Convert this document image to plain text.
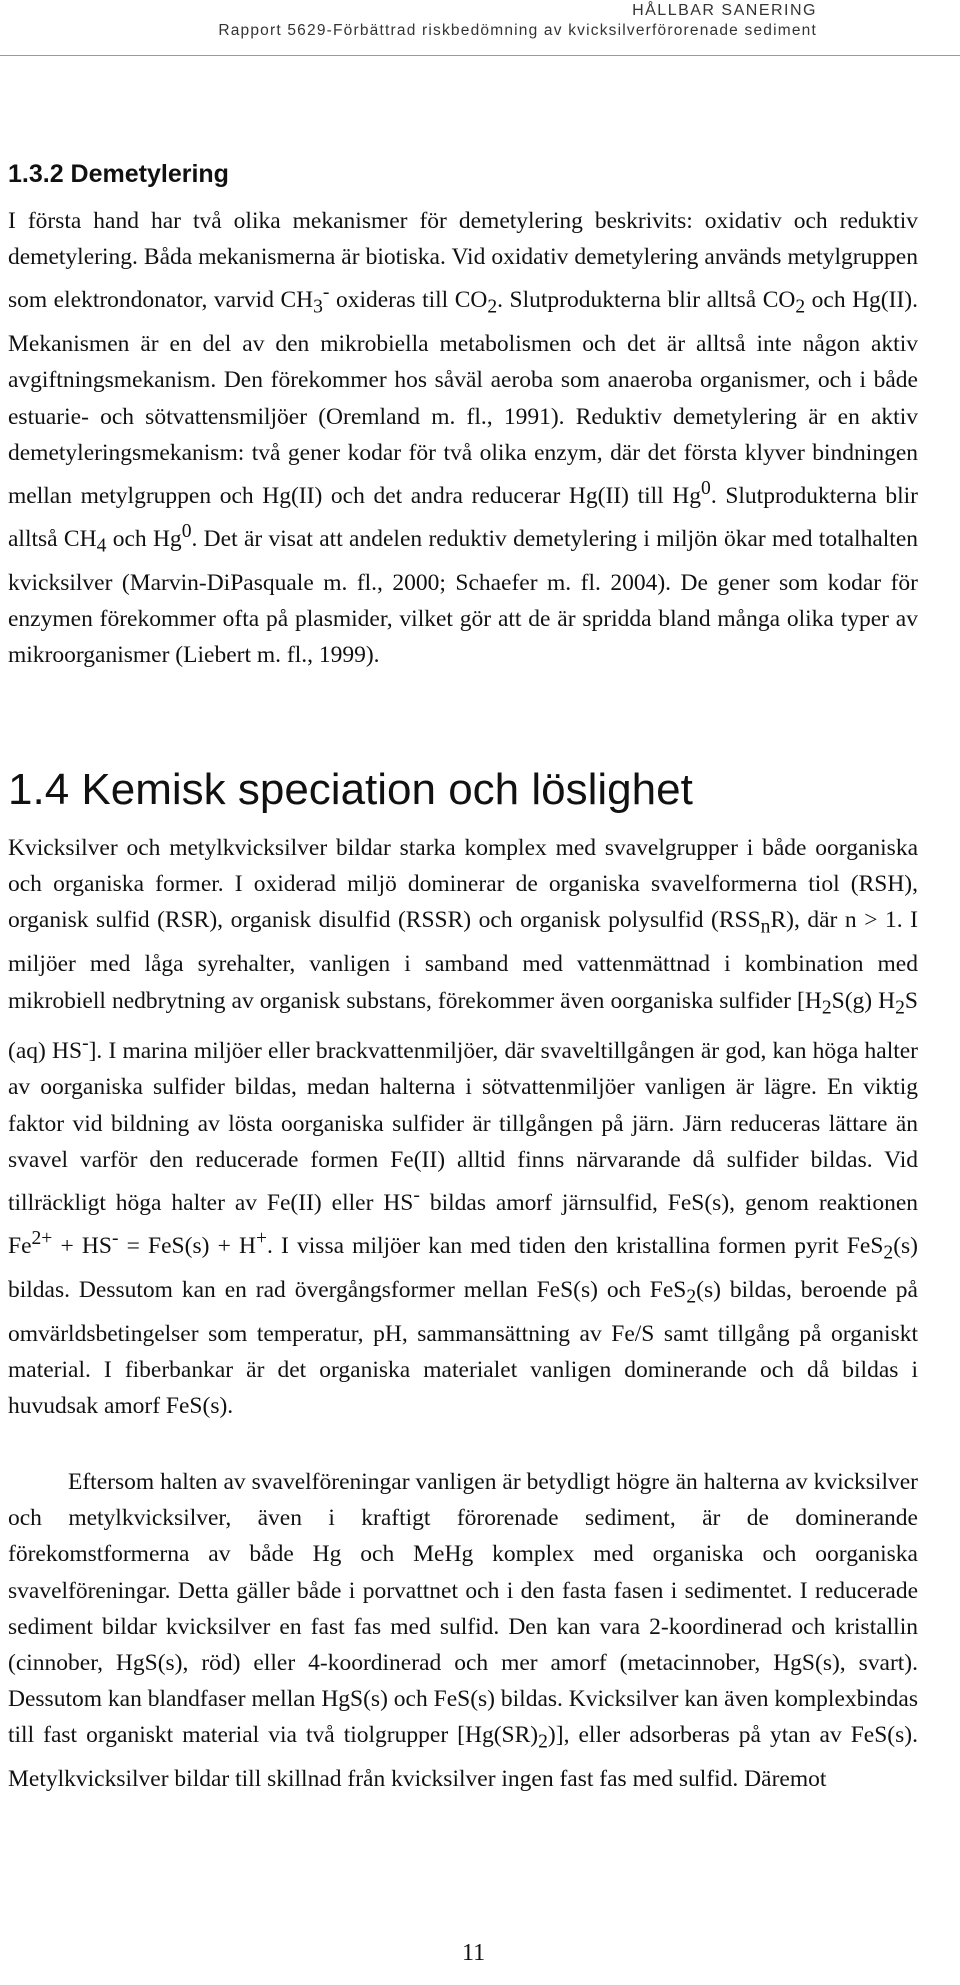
HÅLLBAR SANERING
Rapport 5629-Förbättrad riskbedömning av kvicksilverförorenade sediment
1.3.2 Demetylering

I första hand har två olika mekanismer för demetylering beskrivits: oxidativ och reduktiv demetylering. Båda mekanismerna är biotiska. Vid oxidativ demetylering används metylgruppen som elektrondonator, varvid $CH_3^-$ oxideras till $CO_2$. Slutprodukterna blir alltså $CO_2$ och Hg(II). Mekanismen är en del av den mikrobiella metabolismen och det är alltså inte någon aktiv avgiftningsmekanism. Den förekommer hos såväl aeroba som anaeroba organismer, och i både estuarie- och sötvattensmiljöer (Oremland m. fl., 1991). Reduktiv demetylering är en aktiv demetyleringsmekanism: två gener kodar för två olika enzym, där det första klyver bindningen mellan metylgruppen och Hg(II) och det andra reducerar Hg(II) till Hg$^0$. Slutprodukterna blir alltså $CH_4$ och Hg$^0$. Det är visat att andelen reduktiv demetylering i miljön ökar med totalhalten kvicksilver (Marvin-DiPasquale m. fl., 2000; Schaefer m. fl. 2004). De gener som kodar för enzymen förekommer ofta på plasmider, vilket gör att de är spridda bland många olika typer av mikroorganismer (Liebert m. fl., 1999).

1.4 Kemisk speciation och löslighet

Kvicksilver och metylkvicksilver bildar starka komplex med svavelgrupper i både oorganiska och organiska former. I oxiderad miljö dominerar de organiska svavelformerna tiol (RSH), organisk sulfid (RSR), organisk disulfid (RSSR) och organisk polysulfid $(RSS_nR)$, där n > 1. I miljöer med låga syrehalter, vanligen i samband med vattenmättnad i kombination med mikrobiell nedbrytning av organisk substans, förekommer även oorganiska sulfider [$H_2S(g)$ $H_2S$ (aq) HS-]. I marina miljöer eller brackvattenmiljöer, där svaveltillgången är god, kan höga halter av oorganiska sulfider bildas, medan halterna i sötvattenmiljöer vanligen är lägre. En viktig faktor vid bildning av lösta oorganiska sulfider är tillgången på järn. Järn reduceras lättare än svavel varför den reducerade formen Fe(II) alltid finns närvarande då sulfider bildas. Vid tillräckligt höga halter av Fe(II) eller HS- bildas amorf järnsulfid, FeS(s), genom reaktionen $Fe^{2+} + HS^- = FeS(s) + H^+$. I vissa miljöer kan med tiden den kristallina formen pyrit FeS$_2$(s) bildas. Dessutom kan en rad övergångsformer mellan FeS(s) och FeS$_2$(s) bildas, beroende på omvärldsbetingelser som temperatur, pH, sammansättning av Fe/S samt tillgång på organiskt material. I fiberbankar är det organiska materialet vanligen dominerande och då bildas i huvudsak amorf FeS(s).

Eftersom halten av svavelföreningar vanligen är betydligt högre än halterna av kvicksilver och metylkvicksilver, även i kraftigt förorenade sediment, är de dominerande förekomstformerna av både Hg och MeHg komplex med organiska och oorganiska svavelföreningar. Detta gäller både i porvattnet och i den fasta fasen i sedimentet. I reducerade sediment bildar kvicksilver en fast fas med sulfid. Den kan vara 2-koordinerad och kristallin (cinnober, HgS(s), röd) eller 4-koordinerad och mer amorf (metacinnober, HgS(s), svart). Dessutom kan blandfaser mellan HgS(s) och FeS(s) bildas. Kvicksilver kan även komplexbindas till fast organiskt material via två tiolgrupper $[Hg(SR)_2)$], eller adsorberas på ytan av FeS(s). Metylkvicksilver bildar till skillnad från kvicksilver ingen fast fas med sulfid. Däremot

11
